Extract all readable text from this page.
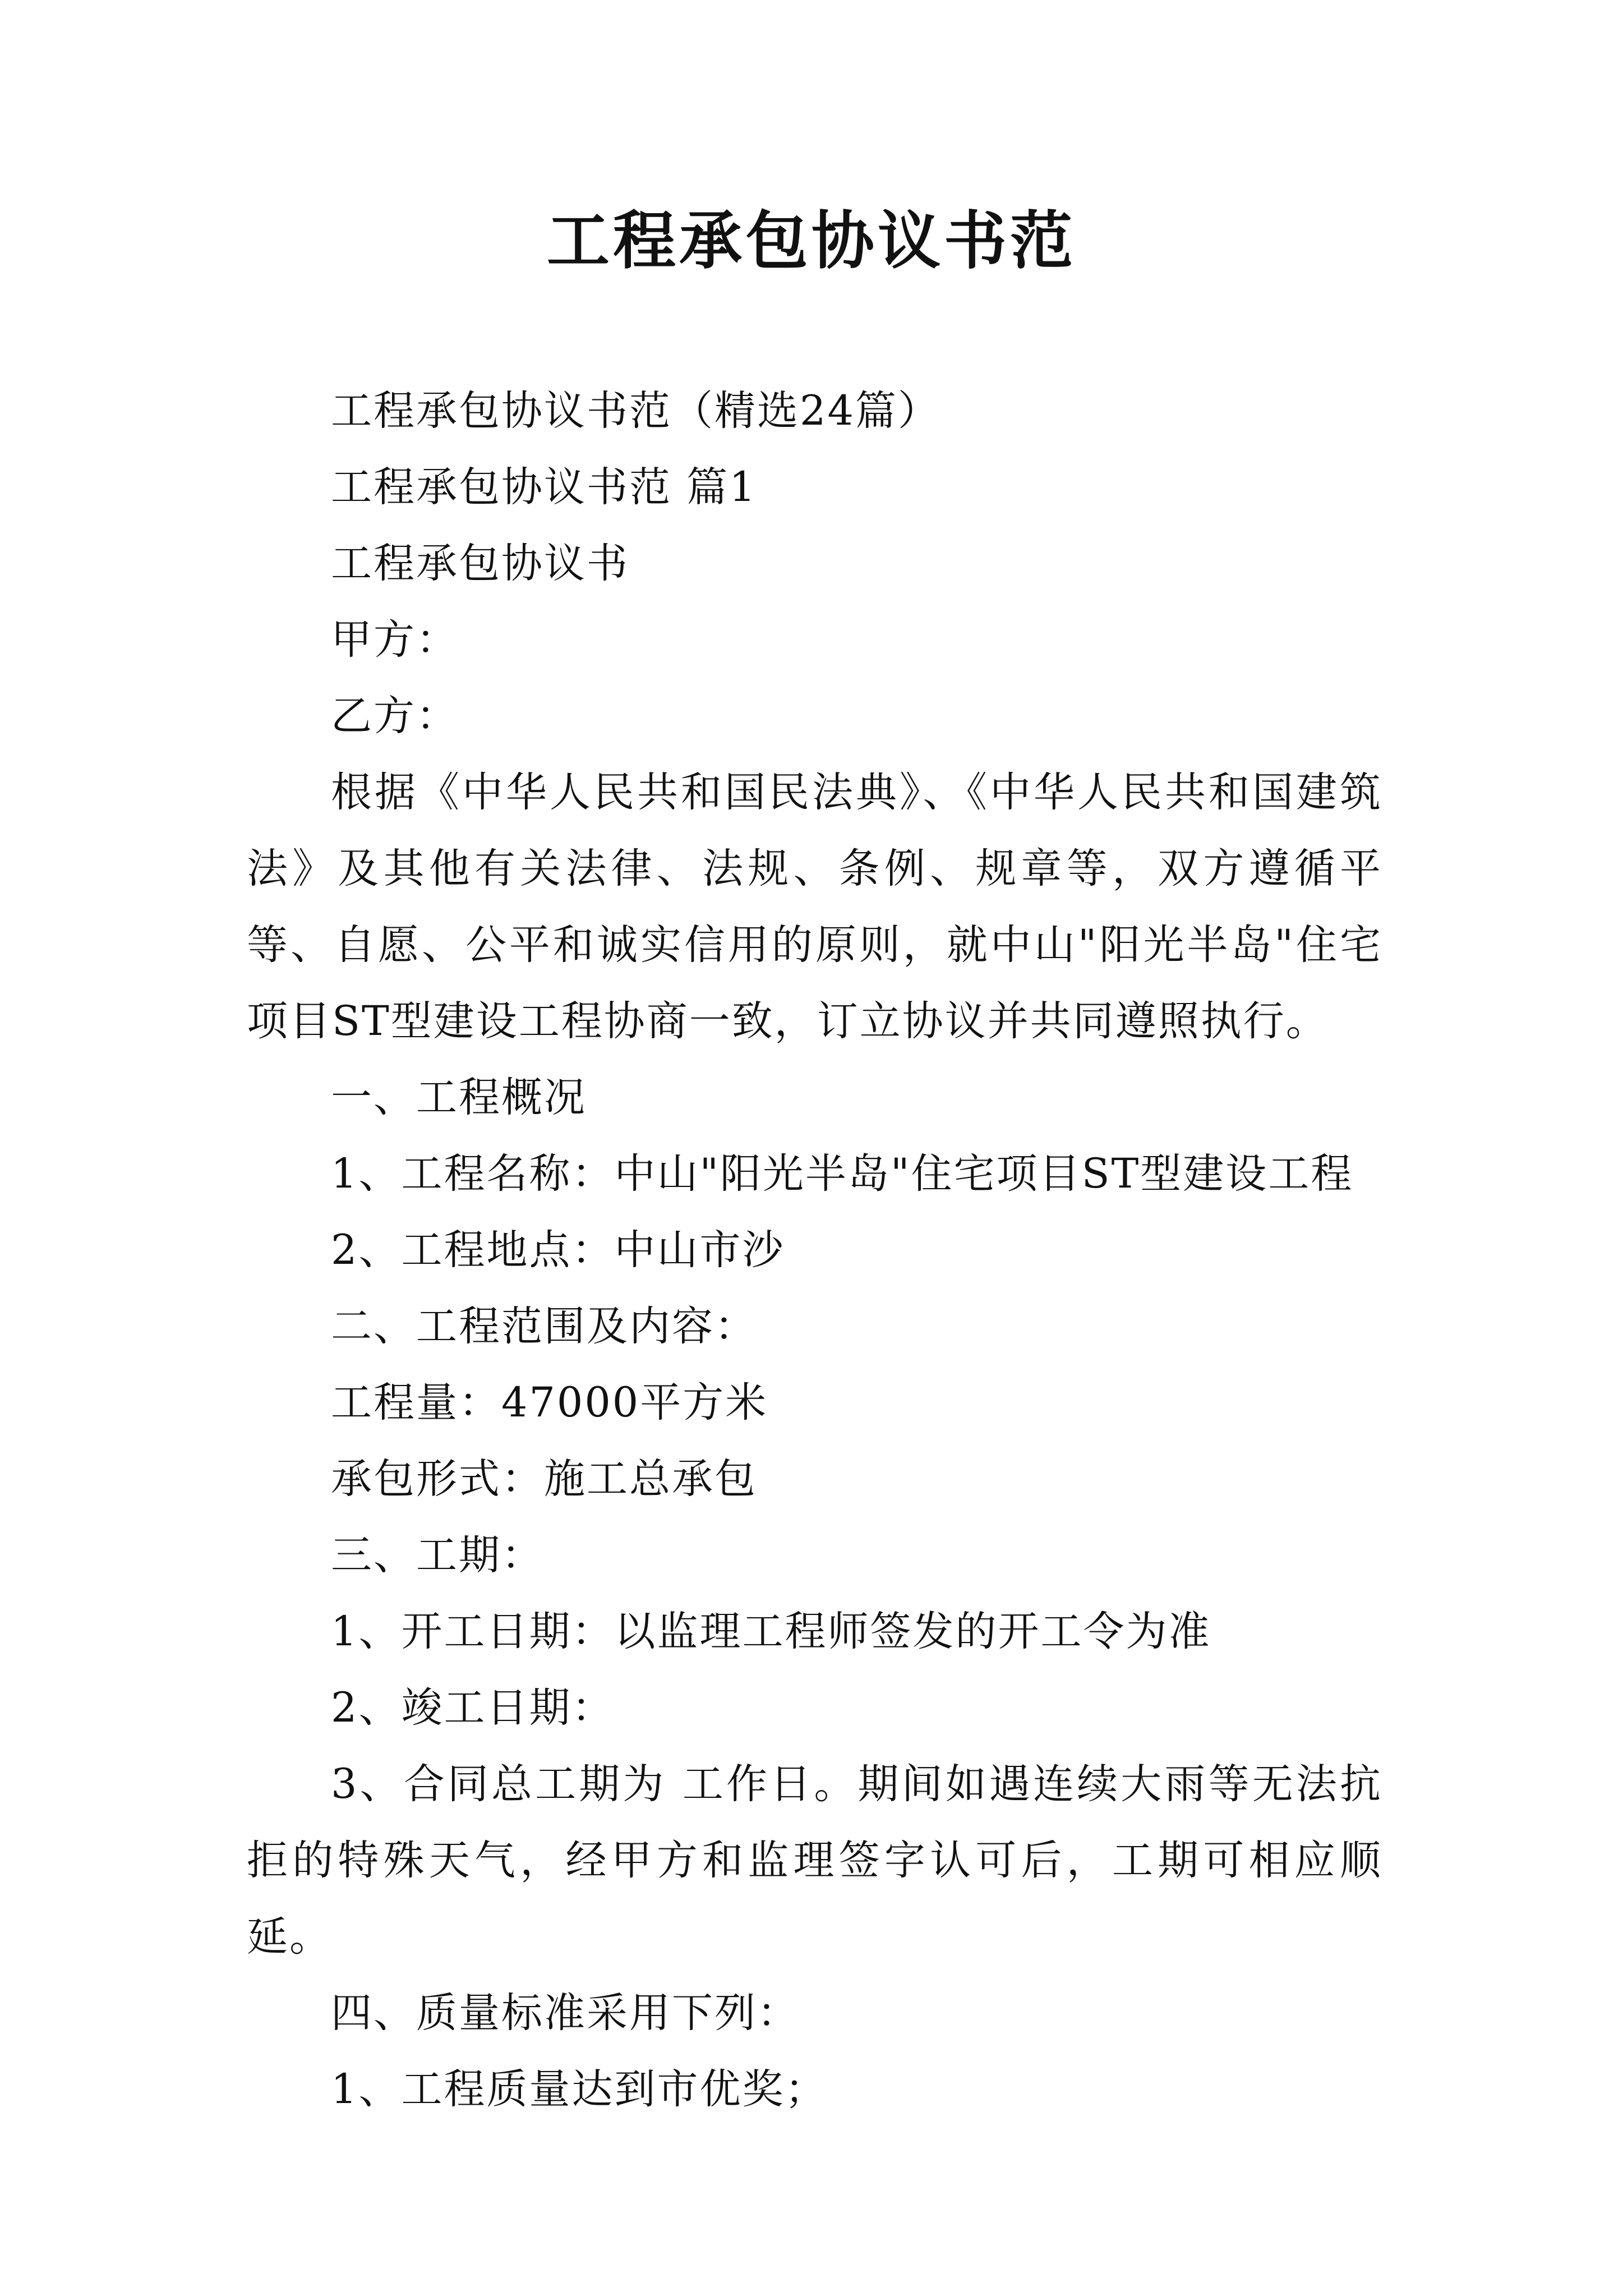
工程承包协议书范

工程承包协议书范（精选24篇）

工程承包协议书范 篇1

工程承包协议书

甲方：

乙方：

根据《中华人民共和国民法典》、《中华人民共和国建筑法》及其他有关法律、法规、条例、规章等，双方遵循平等、自愿、公平和诚实信用的原则，就中山"阳光半岛"住宅项目ST型建设工程协商一致，订立协议并共同遵照执行。

一、工程概况

1、工程名称：中山"阳光半岛"住宅项目ST型建设工程

2、工程地点：中山市沙

二、工程范围及内容：

工程量：47000平方米

承包形式：施工总承包

三、工期：

1、开工日期：以监理工程师签发的开工令为准

2、竣工日期：

3、合同总工期为 工作日。期间如遇连续大雨等无法抗拒的特殊天气，经甲方和监理签字认可后，工期可相应顺延。

四、质量标准采用下列：

1、工程质量达到市优奖；
